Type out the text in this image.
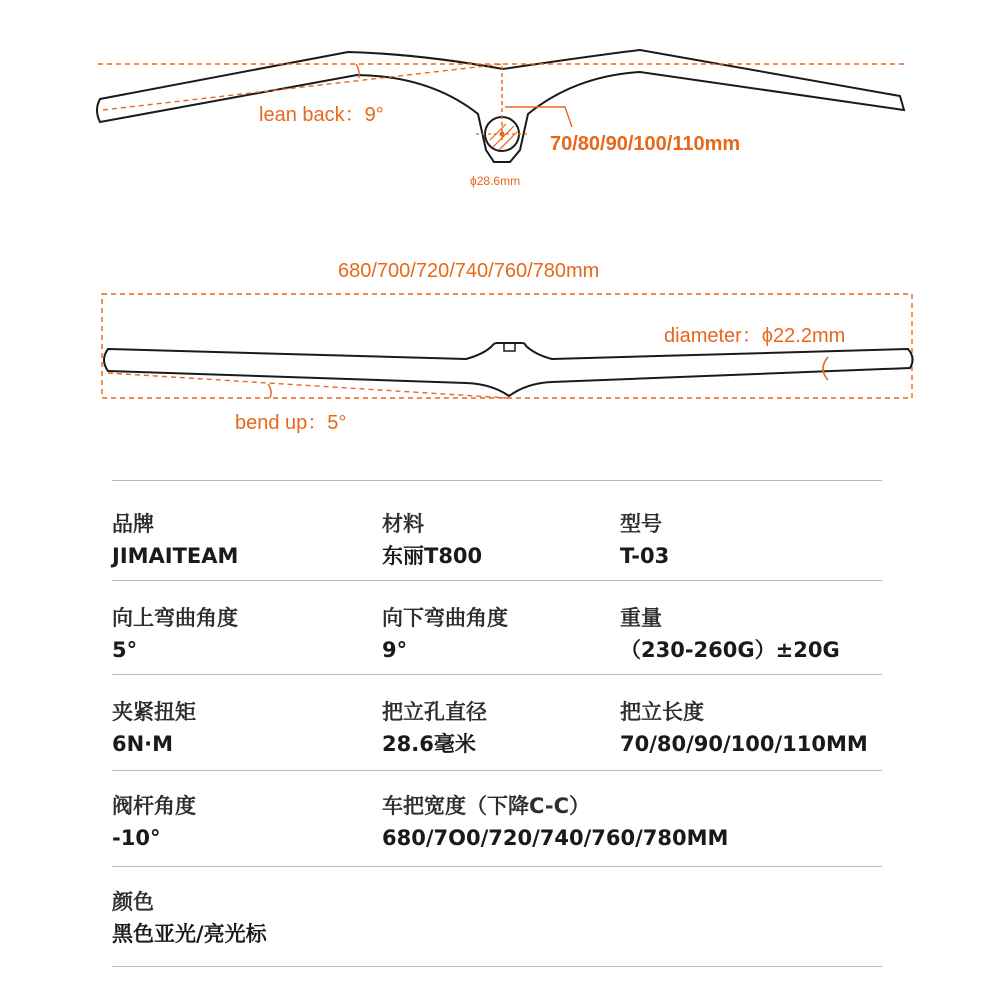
lean back：9°
70/80/90/100/110mm
ϕ28.6mm
680/700/720/740/760/780mm
diameter：ϕ22.2mm
bend up：5°
品牌
JIMAITEAM
材料
东丽T800
型号
T-03
向上弯曲角度
5°
向下弯曲角度
9°
重量
（230-260G）±20G
夹紧扭矩
6N·M
把立孔直径
28.6毫米
把立长度
70/80/90/100/110MM
阀杆角度
-10°
车把宽度（下降C-C）
680/7O0/720/740/760/780MM
颜色
黑色亚光/亮光标
